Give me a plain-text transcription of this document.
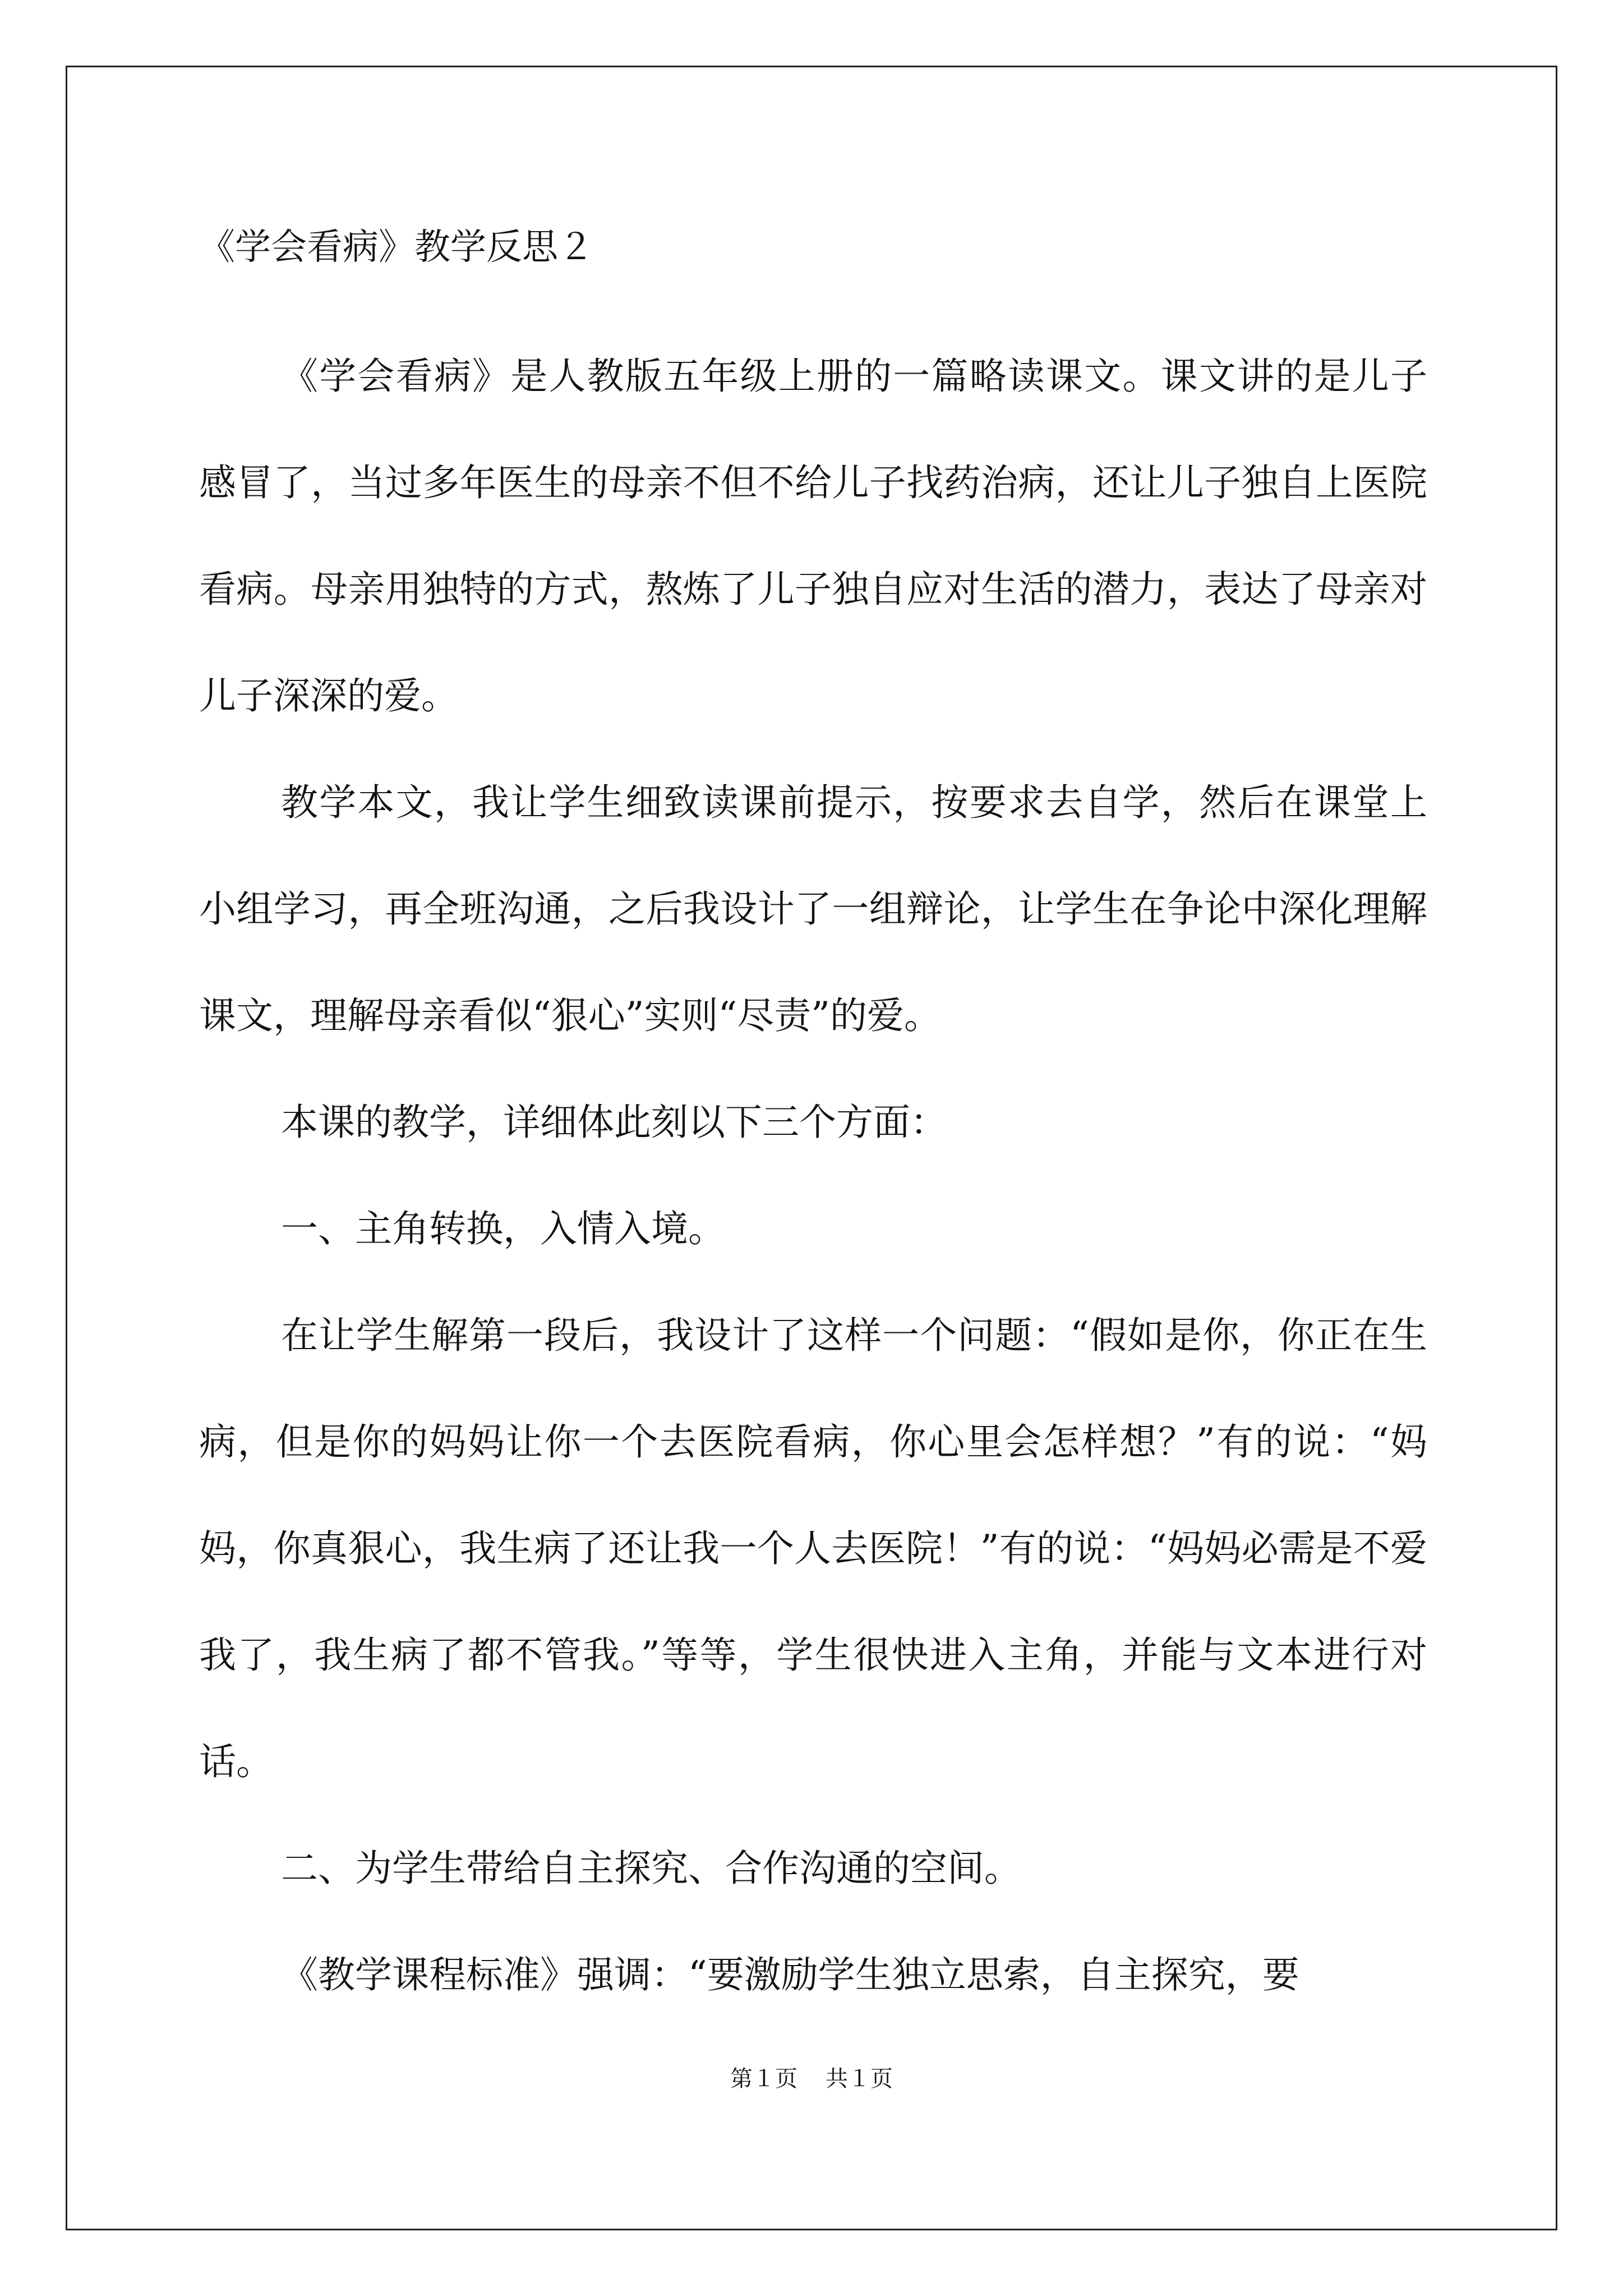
《学会看病》教学反思２

《学会看病》是人教版五年级上册的一篇略读课文。课文讲的是儿子感冒了，当过多年医生的母亲不但不给儿子找药治病，还让儿子独自上医院看病。母亲用独特的方式，熬炼了儿子独自应对生活的潜力，表达了母亲对儿子深深的爱。

教学本文，我让学生细致读课前提示，按要求去自学，然后在课堂上小组学习，再全班沟通，之后我设计了一组辩论，让学生在争论中深化理解课文，理解母亲看似“狠心”实则“尽责”的爱。

本课的教学，详细体此刻以下三个方面：

一、主角转换，入情入境。

在让学生解第一段后，我设计了这样一个问题：“假如是你，你正在生病，但是你的妈妈让你一个去医院看病，你心里会怎样想？”有的说：“妈妈，你真狠心，我生病了还让我一个人去医院！”有的说：“妈妈必需是不爱我了，我生病了都不管我。”等等，学生很快进入主角，并能与文本进行对话。

二、为学生带给自主探究、合作沟通的空间。

《教学课程标准》强调：“要激励学生独立思索，自主探究，要

第１页 共１页
